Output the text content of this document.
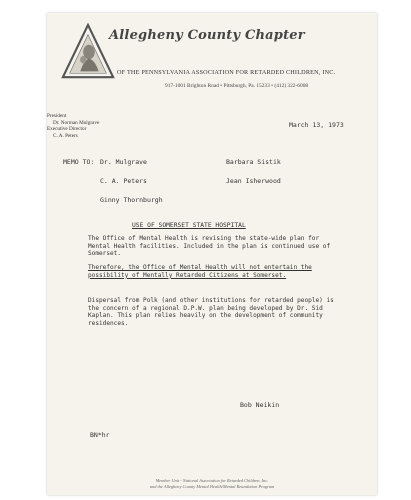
Allegheny County Chapter
OF THE PENNSYLVANIA ASSOCIATION FOR RETARDED CHILDREN, INC.
917-1001 Brighton Road • Pittsburgh, Pa. 15233 • (412) 322-6008
President
Dr. Norman Mulgrave
Executive Director
C. A. Peters
March 13, 1973
MEMO TO: Dr. Mulgrave
C. A. Peters
Ginny Thornburgh
Barbara Sistik
Jean Isherwood
USE OF SOMERSET STATE HOSPITAL
The Office of Mental Health is revising the state-wide plan for Mental Health facilities. Included in the plan is continued use of Somerset.
Therefore, the Office of Mental Health will not entertain the possibility of Mentally Retarded Citizens at Somerset.
Dispersal from Polk (and other institutions for retarded people) is the concern of a regional D.P.W. plan being developed by Dr. Sid Kaplan. This plan relies heavily on the development of community residences.
Bob Neikin
BN*hr
Member Unit - National Association for Retarded Children, Inc.
and the Allegheny County Mental Health/Mental Retardation Program
